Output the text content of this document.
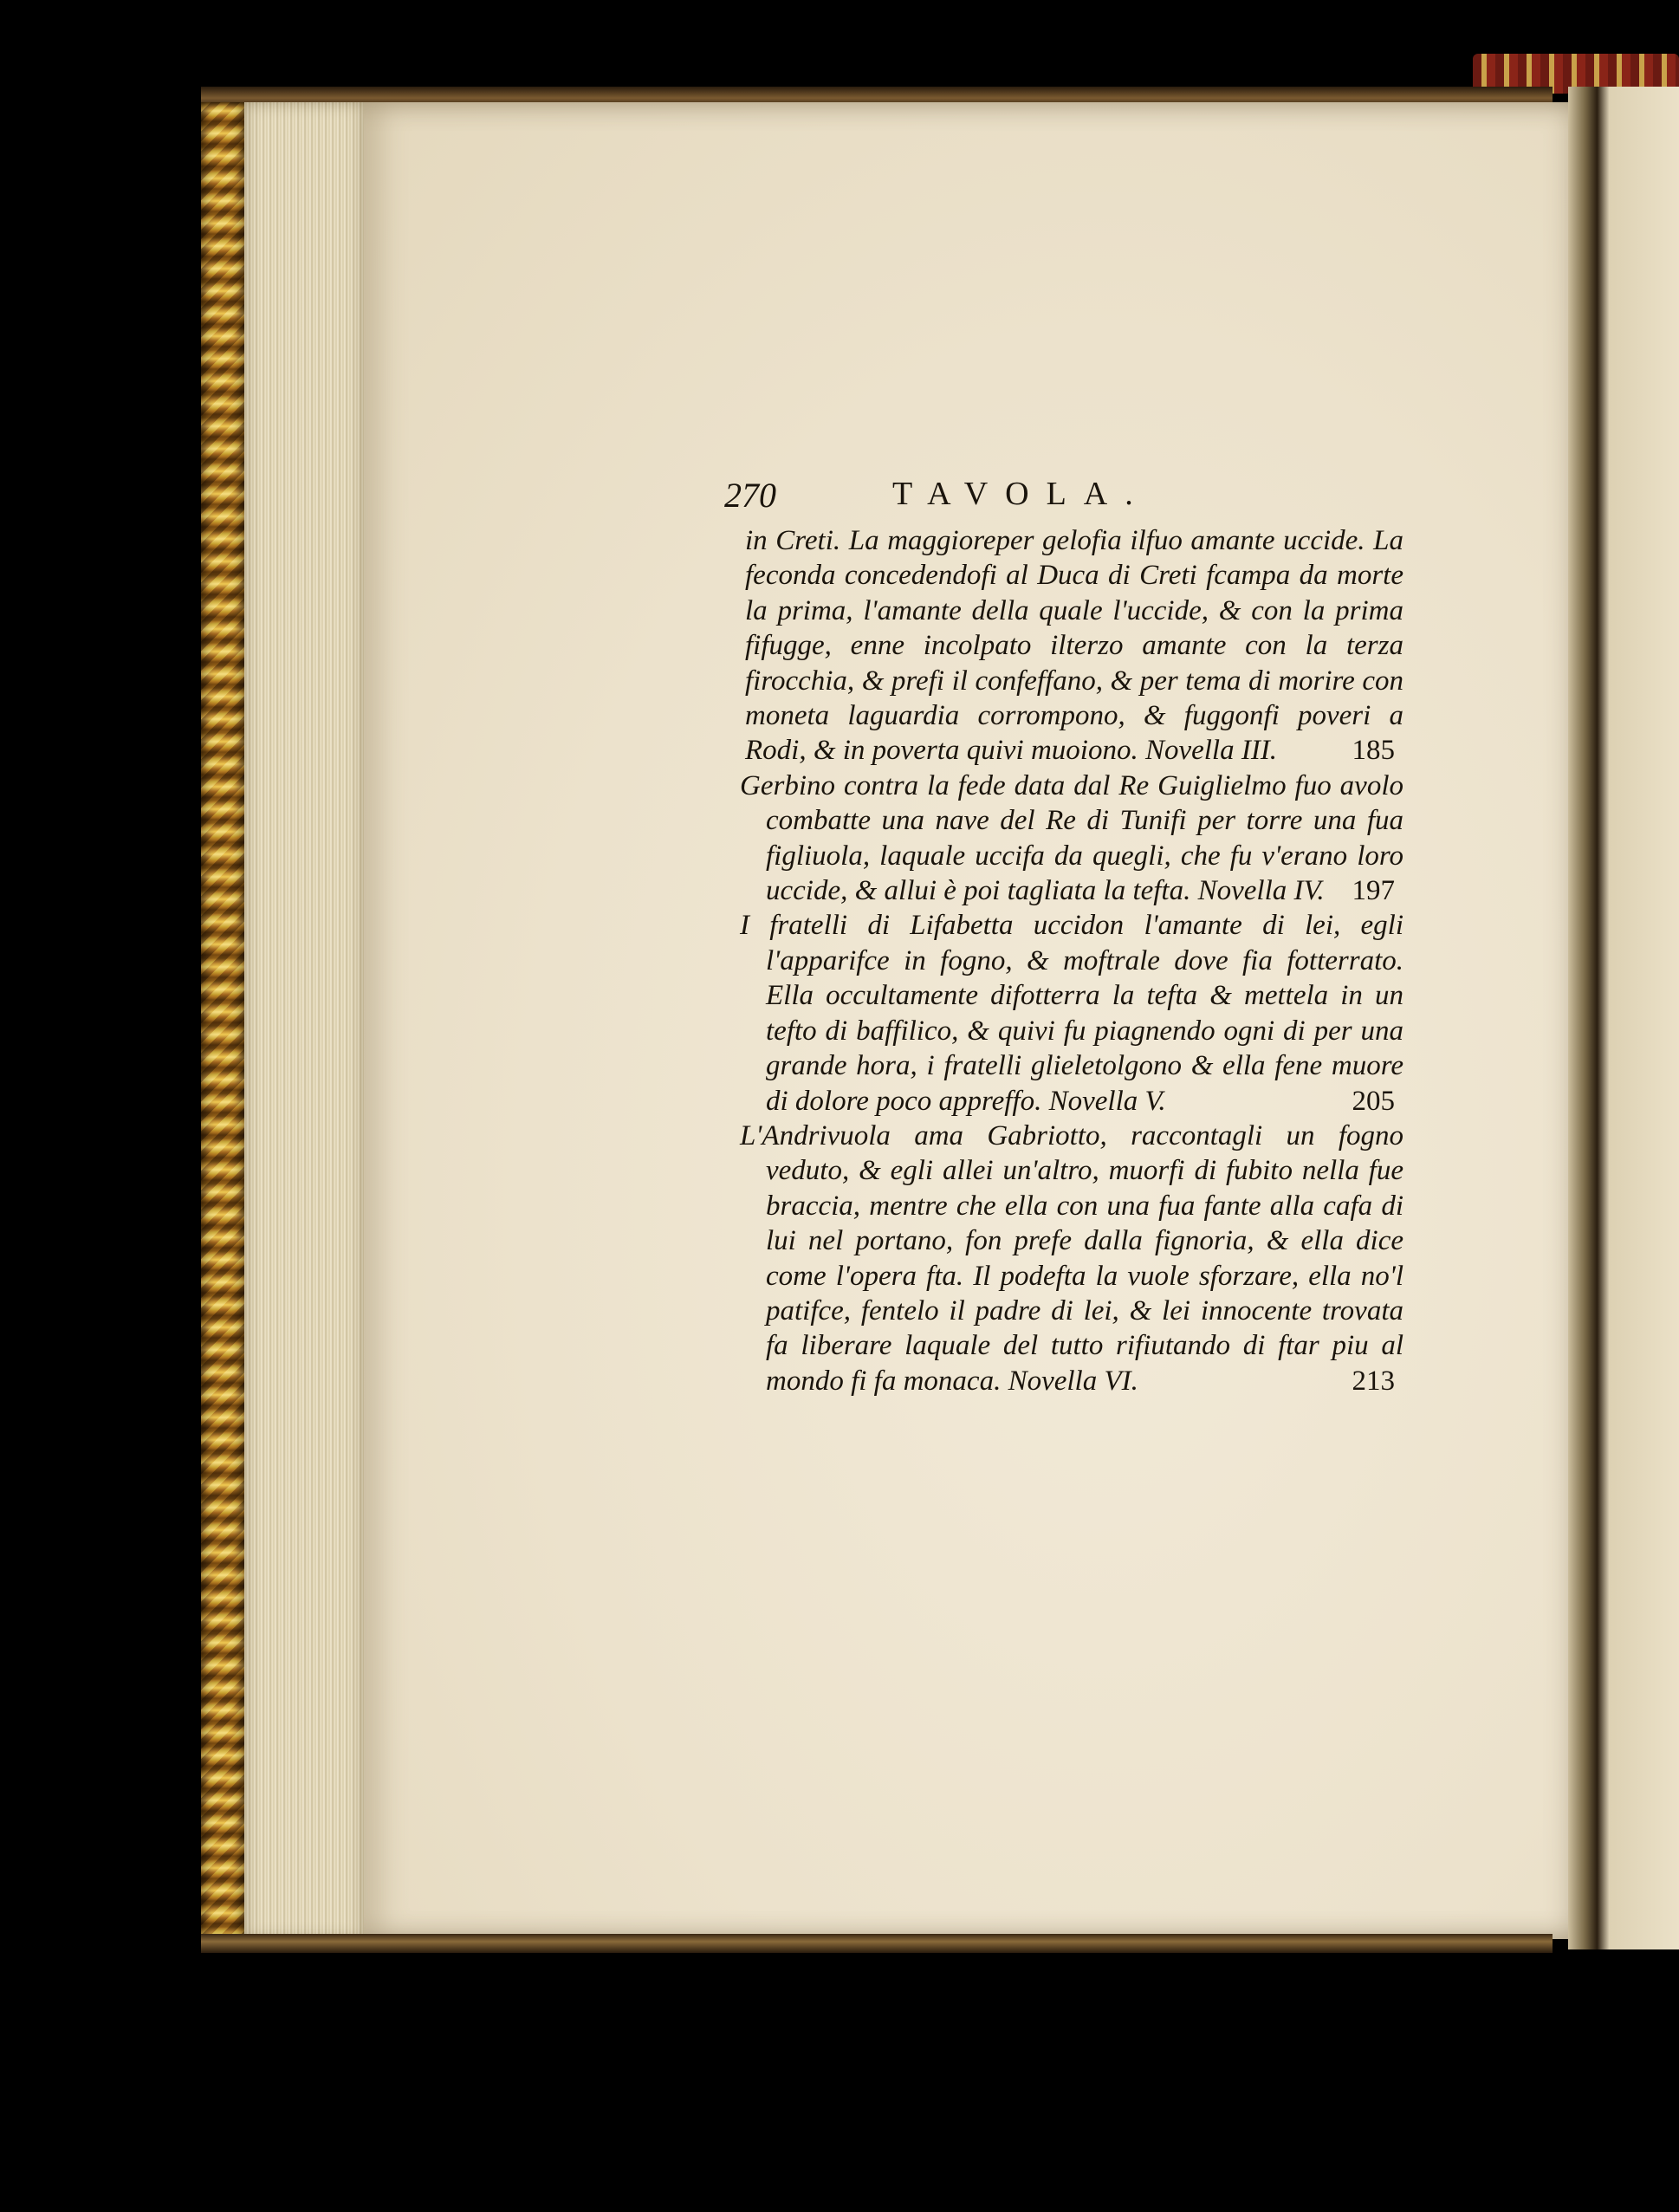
270	TAVOLA.

in Creti. La maggioreper gelofia ilfuo amante uccide. La feconda concedendofi al Duca di Creti fcampa da morte la prima, l'amante della quale l'uccide, & con la prima fifugge, enne incolpato ilterzo amante con la terza firocchia, & prefi il confeffano, & per tema di morire con moneta laguardia corrompono, & fuggonfi poveri a Rodi, & in poverta quivi muoiono. Novella III.	185

Gerbino contra la fede data dal Re Guiglielmo fuo avolo combatte una nave del Re di Tunifi per torre una fua figliuola, laquale uccifa da quegli, che fu v'erano loro uccide, & allui è poi tagliata la tefta. Novella IV. 197

I fratelli di Lifabetta uccidon l'amante di lei, egli l'apparifce in fogno, & moftrale dove fia fotterrato. Ella occultamente difotterra la tefta & mettela in un tefto di baffilico, & quivi fu piagnendo ogni di per una grande hora, i fratelli glieletolgono & ella fene muore di dolore poco appreffo. Novella V.	205

L'Andrivuola ama Gabriotto, raccontagli un fogno veduto, & egli allei un'altro, muorfi di fubito nella fue braccia, mentre che ella con una fua fante alla cafa di lui nel portano, fon prefe dalla fignoria, & ella dice come l'opera fta. Il podefta la vuole sforzare, ella no'l patifce, fentelo il padre di lei, & lei innocente trovata fa liberare laquale del tutto rifiutando di ftar piu al mondo fi fa monaca. Novella VI.	213
